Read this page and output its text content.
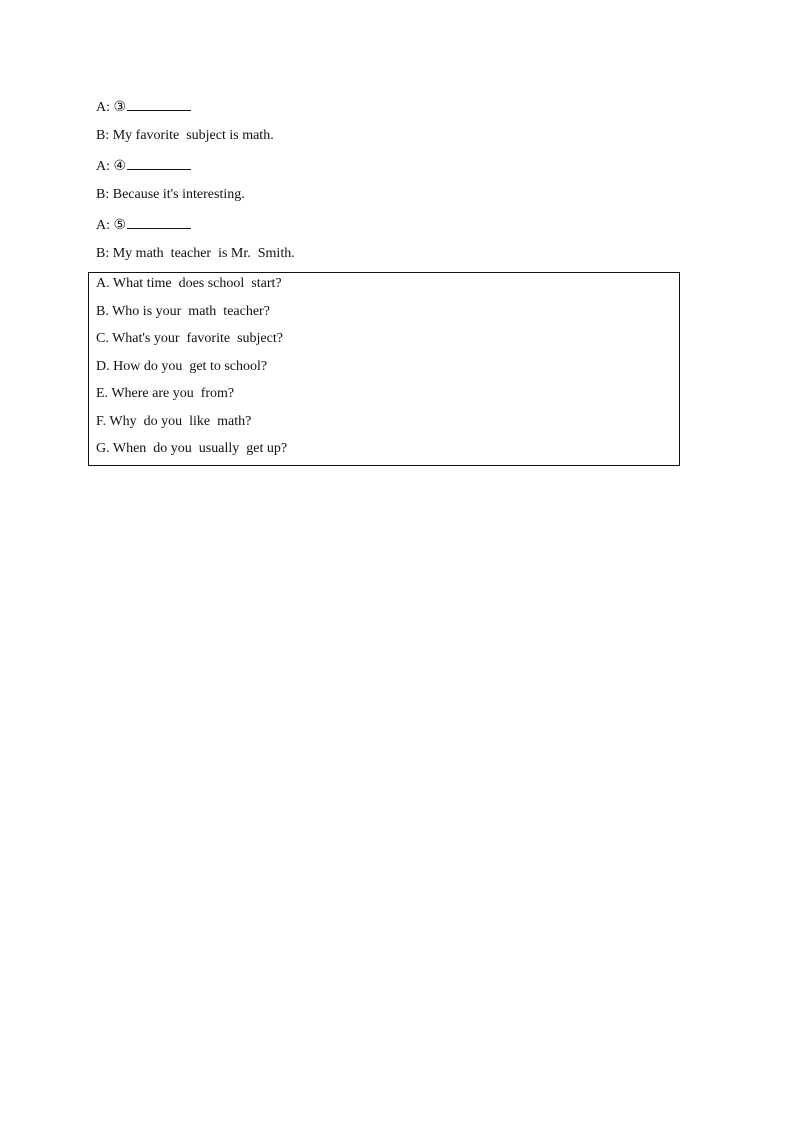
A: ③
B: My favorite  subject is math.
A: ④
B: Because it's interesting.
A: ⑤
B: My math  teacher  is Mr.  Smith.
A. What time  does school  start?
B. Who is your  math  teacher?
C. What's your  favorite  subject?
D. How do you  get to school?
E. Where are you  from?
F. Why  do you  like  math?
G. When  do you  usually  get up?
